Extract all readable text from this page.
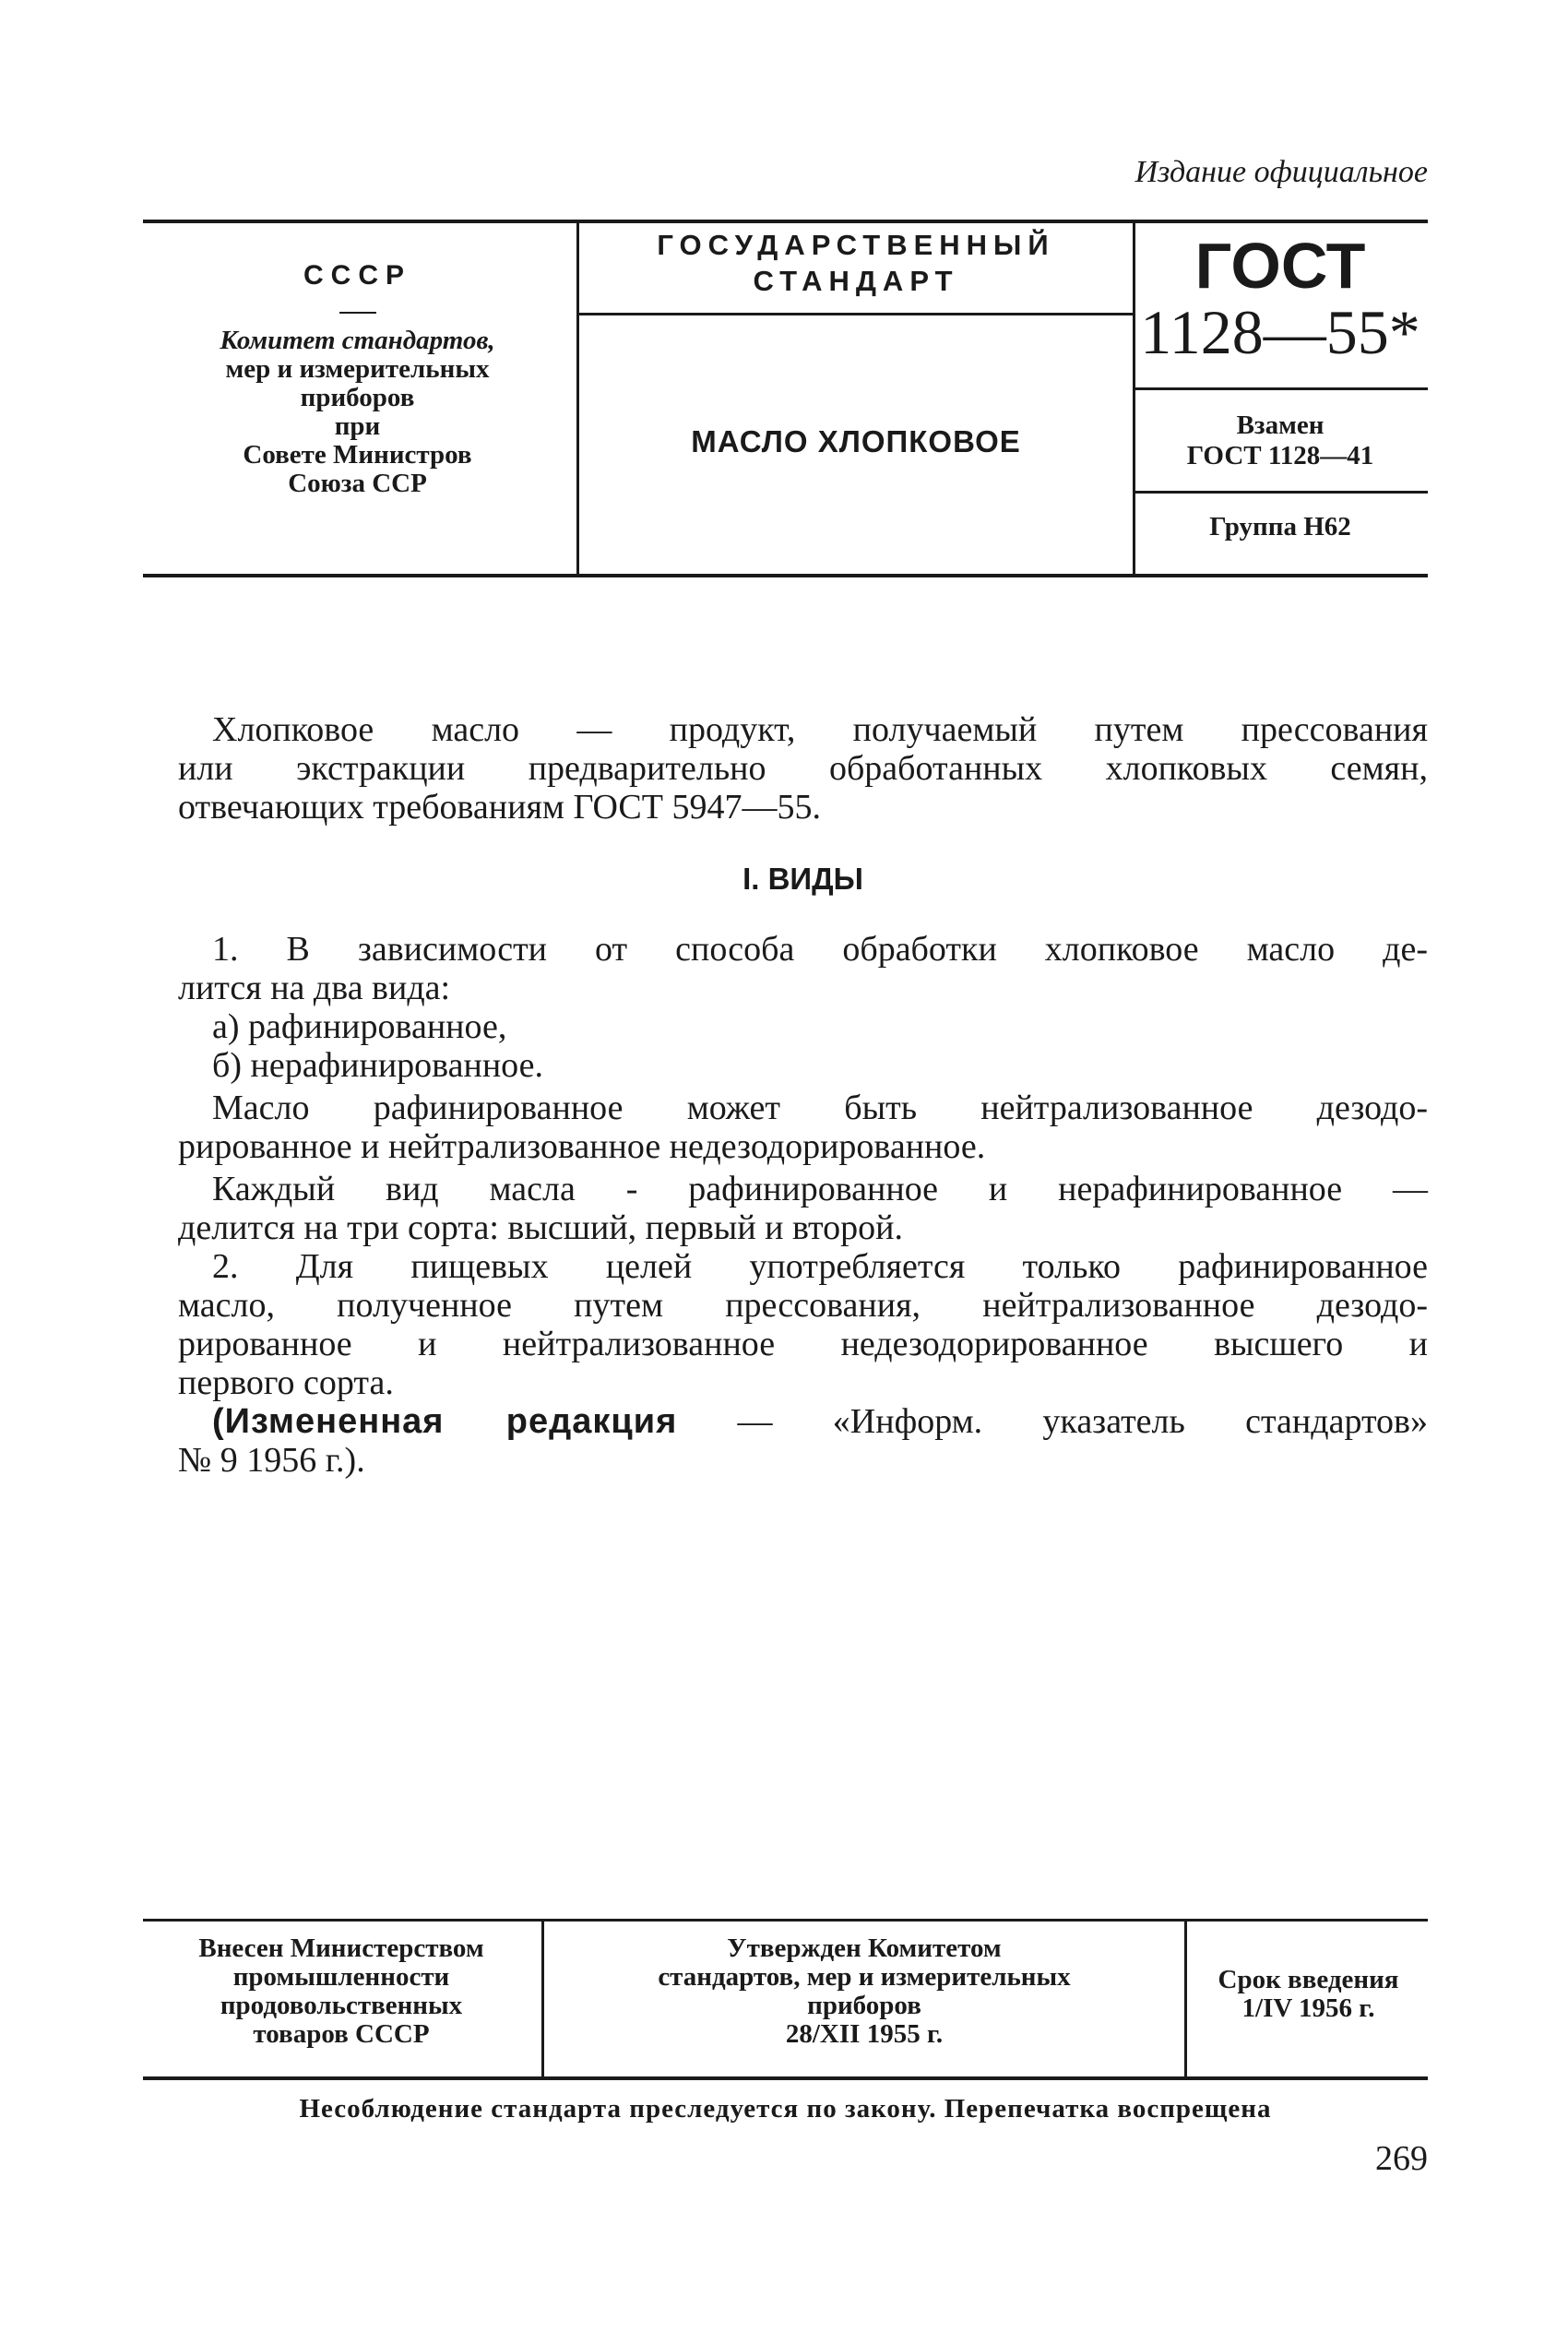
Издание официальное
СССР
Комитет стандартов,
мер и измерительных
приборов
при
Совете Министров
Союза ССР
ГОСУДАРСТВЕННЫЙ
СТАНДАРТ
МАСЛО ХЛОПКОВОЕ
ГОСТ
1128—55*
Взамен
ГОСТ 1128—41
Группа Н62

Хлопковое масло — продукт, получаемый путем прессования

или экстракции предварительно обработанных хлопковых семян,

отвечающих требованиям ГОСТ 5947—55.

I. ВИДЫ

1. В зависимости от способа обработки хлопковое масло де-

лится на два вида:

а) рафинированное,

б) нерафинированное.

Масло рафинированное может быть нейтрализованное дезодо-

рированное и нейтрализованное недезодорированное.

Каждый вид масла - рафинированное и нерафинированное —

делится на три сорта: высший, первый и второй.

2. Для пищевых целей употребляется только рафинированное

масло, полученное путем прессования, нейтрализованное дезодо-

рированное и нейтрализованное недезодорированное высшего и

первого сорта.

(Измененная редакция — «Информ. указатель стандартов»

№ 9 1956 г.).

Внесен Министерством
промышленности
продовольственных
товаров СССР
Утвержден Комитетом
стандартов, мер и измерительных
приборов
28/XII 1955 г.
Срок введения
1/IV 1956 г.
Несоблюдение стандарта преследуется по закону. Перепечатка воспрещена
269
